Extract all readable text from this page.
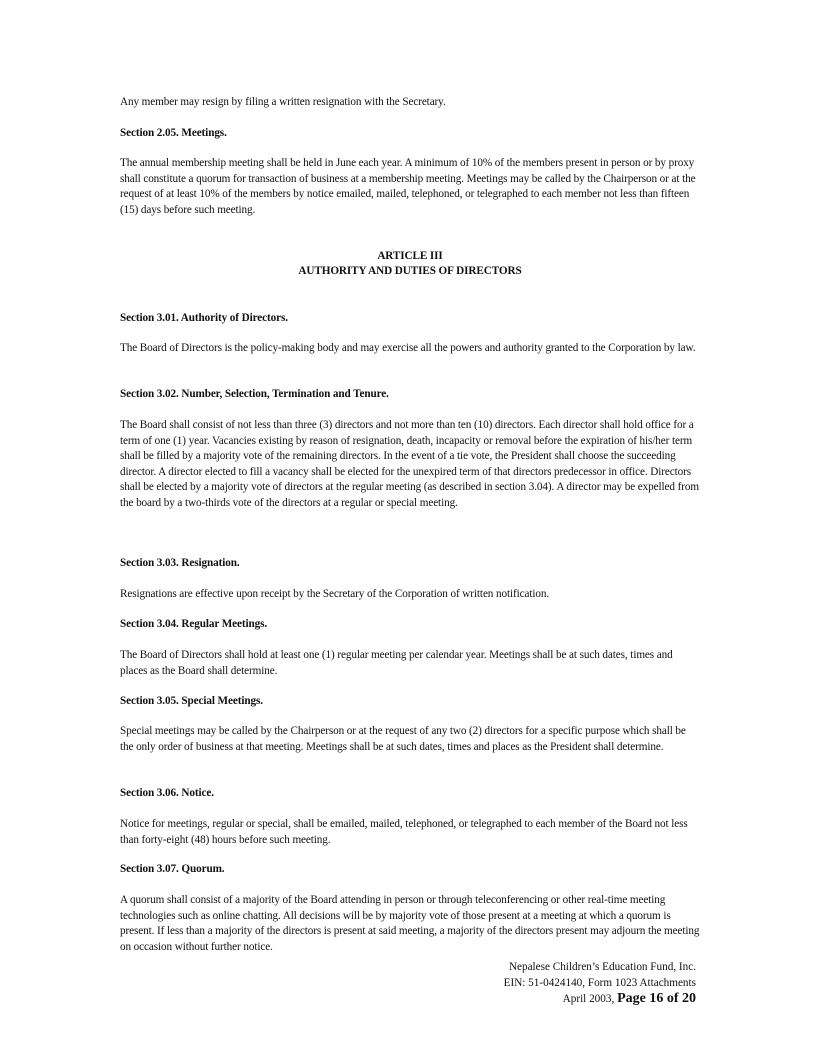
Any member may resign by filing a written resignation with the Secretary.

Section 2.05. Meetings.

The annual membership meeting shall be held in June each year. A minimum of 10% of the members present in person or by proxy shall constitute a quorum for transaction of business at a membership meeting. Meetings may be called by the Chairperson or at the request of at least 10% of the members by notice emailed, mailed, telephoned, or telegraphed to each member not less than fifteen (15) days before such meeting.

ARTICLE III

AUTHORITY AND DUTIES OF DIRECTORS

Section 3.01. Authority of Directors.

The Board of Directors is the policy-making body and may exercise all the powers and authority granted to the Corporation by law.

Section 3.02. Number, Selection, Termination and Tenure.

The Board shall consist of not less than three (3) directors and not more than ten (10) directors. Each director shall hold office for a term of one (1) year. Vacancies existing by reason of resignation, death, incapacity or removal before the expiration of his/her term shall be filled by a majority vote of the remaining directors. In the event of a tie vote, the President shall choose the succeeding director. A director elected to fill a vacancy shall be elected for the unexpired term of that directors predecessor in office. Directors shall be elected by a majority vote of directors at the regular meeting (as described in section 3.04). A director may be expelled from the board by a two-thirds vote of the directors at a regular or special meeting.

Section 3.03. Resignation.

Resignations are effective upon receipt by the Secretary of the Corporation of written notification.

Section 3.04. Regular Meetings.

The Board of Directors shall hold at least one (1) regular meeting per calendar year. Meetings shall be at such dates, times and places as the Board shall determine.

Section 3.05. Special Meetings.

Special meetings may be called by the Chairperson or at the request of any two (2) directors for a specific purpose which shall be the only order of business at that meeting. Meetings shall be at such dates, times and places as the President shall determine.

Section 3.06. Notice.

Notice for meetings, regular or special, shall be emailed, mailed, telephoned, or telegraphed to each member of the Board not less than forty-eight (48) hours before such meeting.

Section 3.07. Quorum.

A quorum shall consist of a majority of the Board attending in person or through teleconferencing or other real-time meeting technologies such as online chatting. All decisions will be by majority vote of those present at a meeting at which a quorum is present. If less than a majority of the directors is present at said meeting, a majority of the directors present may adjourn the meeting on occasion without further notice.

Nepalese Children’s Education Fund, Inc.
EIN: 51-0424140, Form 1023 Attachments
April 2003, Page 16 of 20
